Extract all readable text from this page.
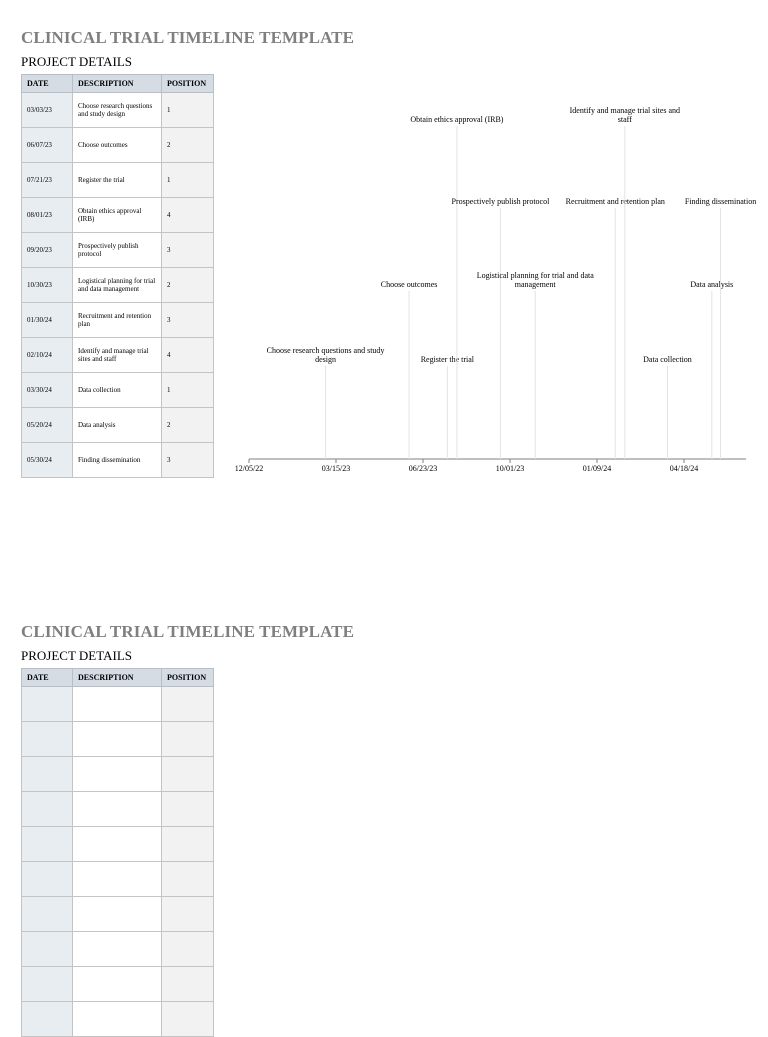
CLINICAL TRIAL TIMELINE TEMPLATE
PROJECT DETAILS
DATE	DESCRIPTION	POSITION
03/03/23	Choose research questions and study design	1
06/07/23	Choose outcomes	2
07/21/23	Register the trial	1
08/01/23	Obtain ethics approval (IRB)	4
09/20/23	Prospectively publish protocol	3
10/30/23	Logistical planning for trial and data management	2
01/30/24	Recruitment and retention plan	3
02/10/24	Identify and manage trial sites and staff	4
03/30/24	Data collection	1
05/20/24	Data analysis	2
05/30/24	Finding dissemination	3
12/05/22	03/15/23	06/23/23	10/01/23	01/09/24	04/18/24
Choose research questions and study design
Choose outcomes
Register the trial
Obtain ethics approval (IRB)
Prospectively publish protocol
Logistical planning for trial and data management
Recruitment and retention plan
Identify and manage trial sites and staff
Data collection
Data analysis
Finding dissemination
CLINICAL TRIAL TIMELINE TEMPLATE
PROJECT DETAILS
DATE	DESCRIPTION	POSITION
